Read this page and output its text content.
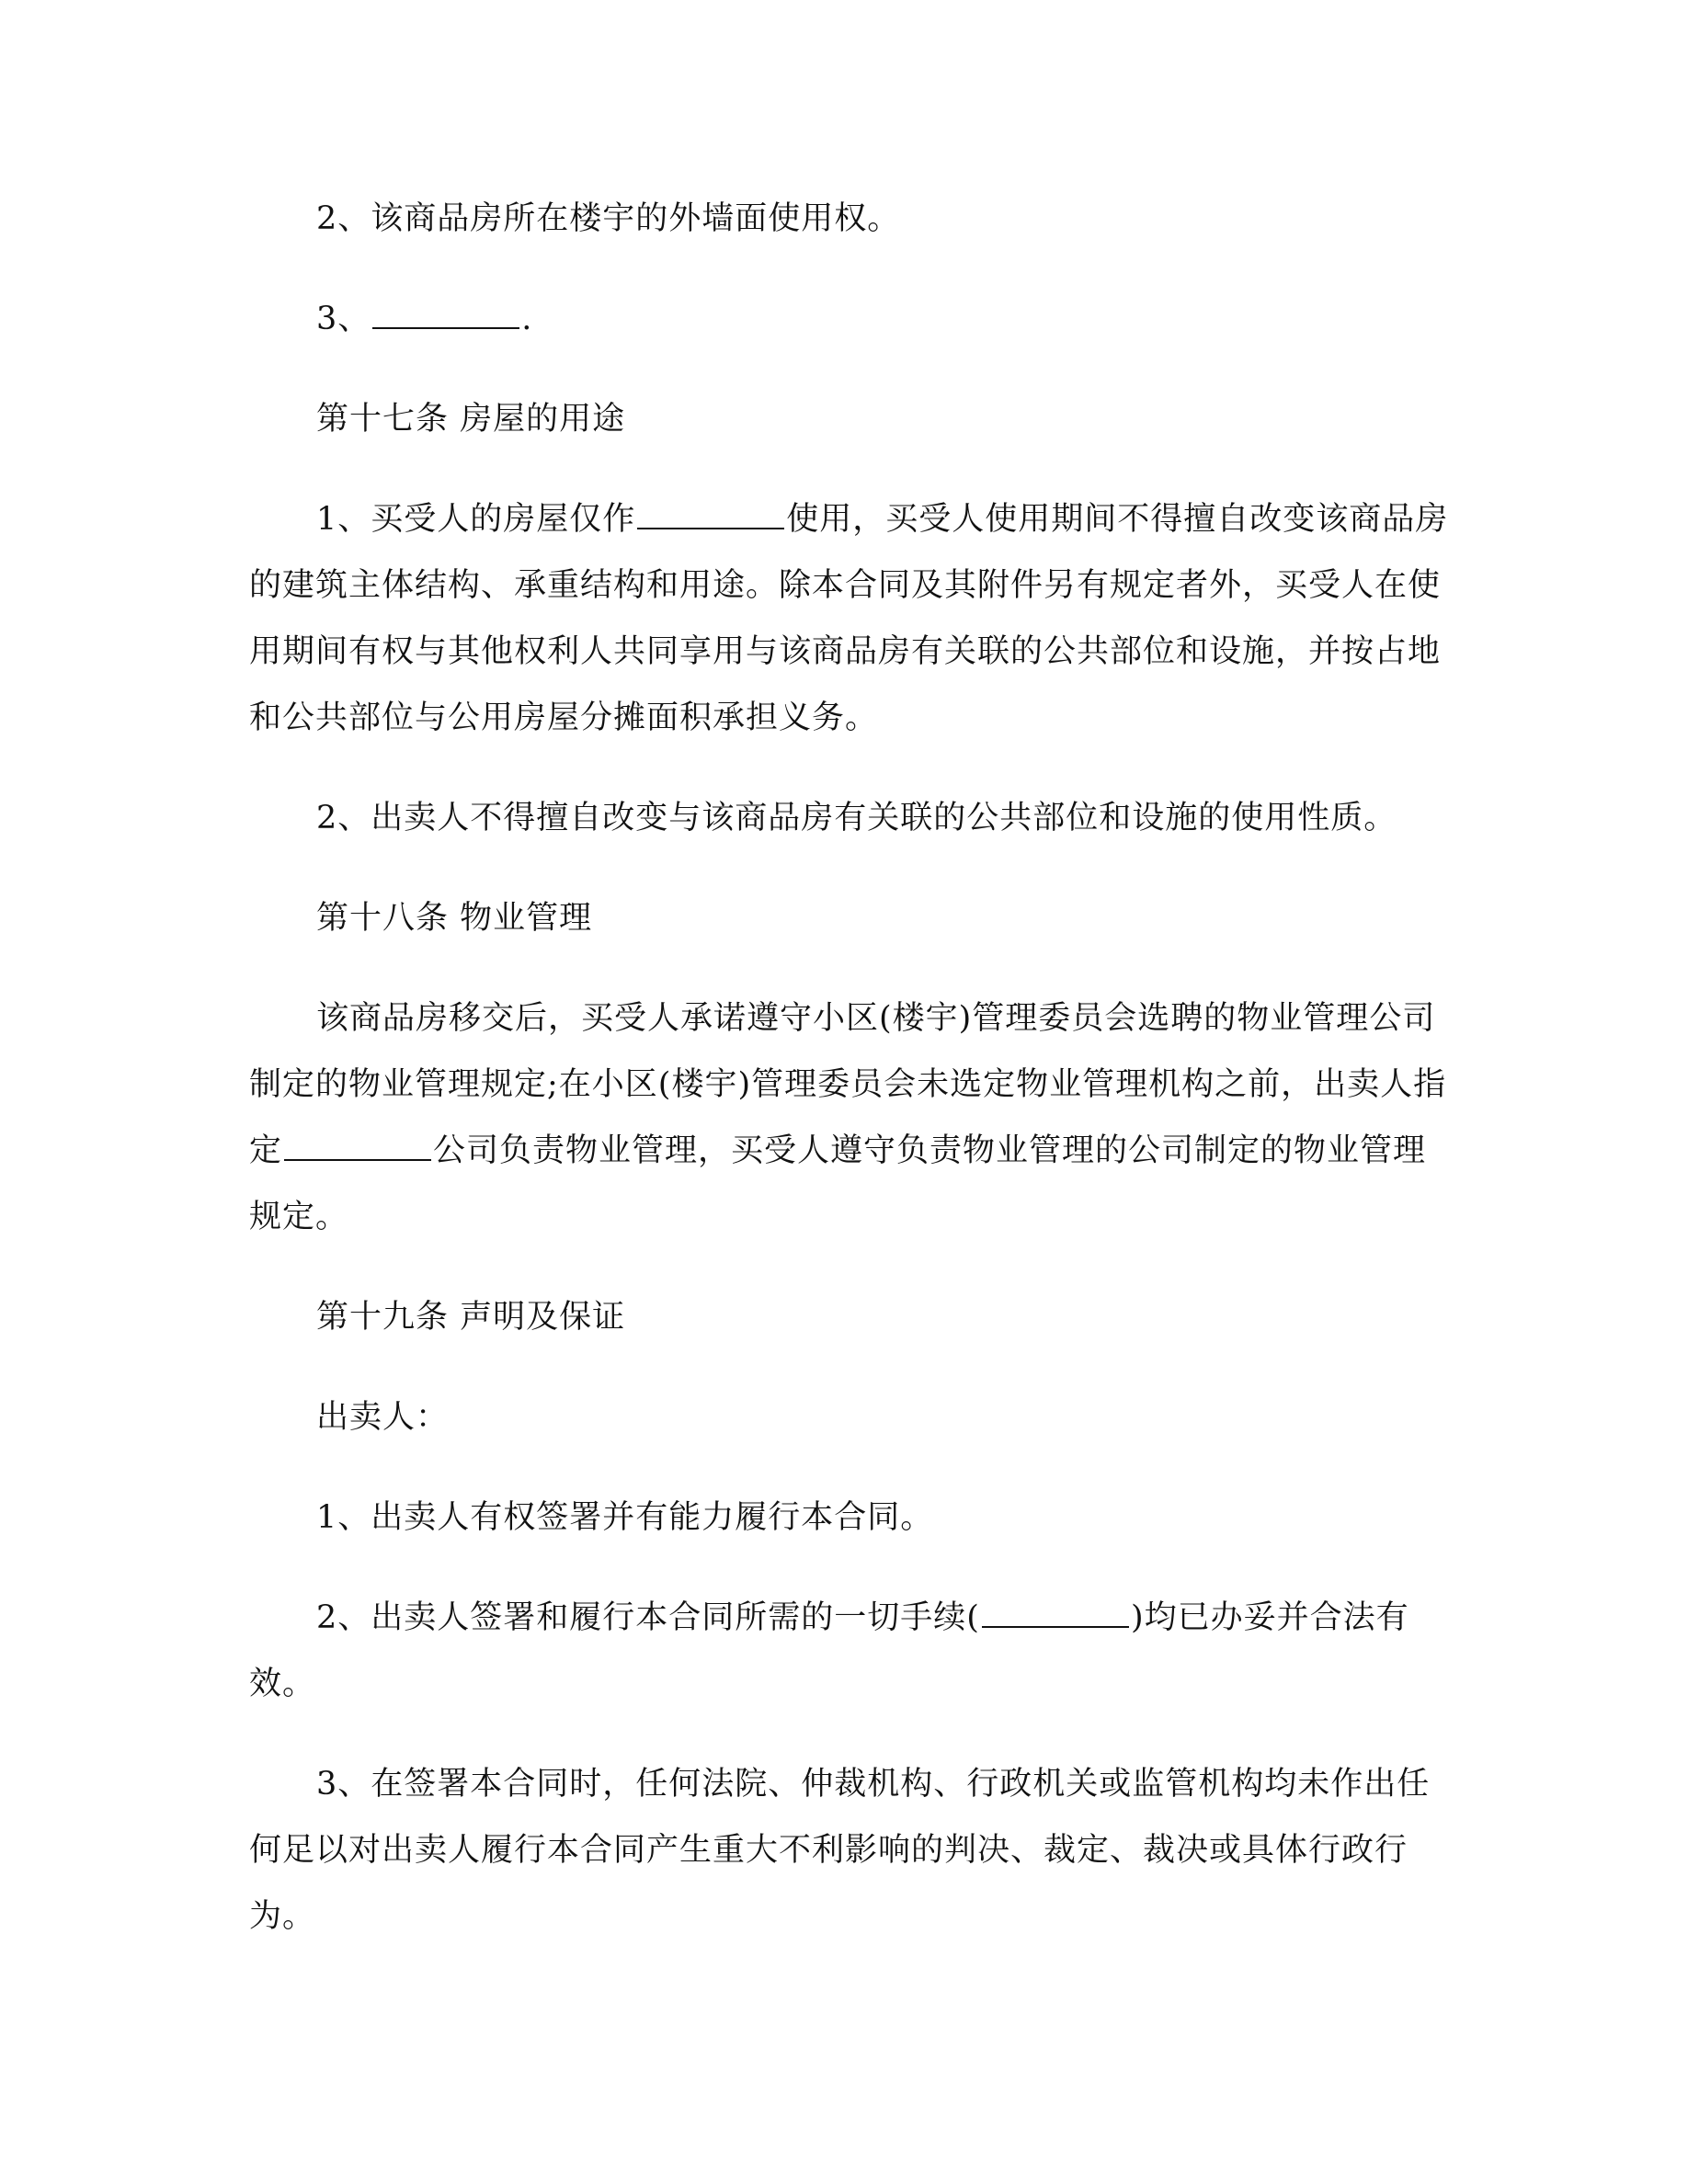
2、该商品房所在楼宇的外墙面使用权。
3、	.
第十七条 房屋的用途
1、买受人的房屋仅作	使用，买受人使用期间不得擅自改变该商品房
的建筑主体结构、承重结构和用途。除本合同及其附件另有规定者外，买受人在使
用期间有权与其他权利人共同享用与该商品房有关联的公共部位和设施，并按占地
和公共部位与公用房屋分摊面积承担义务。
2、出卖人不得擅自改变与该商品房有关联的公共部位和设施的使用性质。
第十八条 物业管理
该商品房移交后，买受人承诺遵守小区(楼宇)管理委员会选聘的物业管理公司
制定的物业管理规定;在小区(楼宇)管理委员会未选定物业管理机构之前，出卖人指
定	公司负责物业管理，买受人遵守负责物业管理的公司制定的物业管理
规定。
第十九条 声明及保证
出卖人：
1、出卖人有权签署并有能力履行本合同。
2、出卖人签署和履行本合同所需的一切手续(	)均已办妥并合法有
效。
3、在签署本合同时，任何法院、仲裁机构、行政机关或监管机构均未作出任
何足以对出卖人履行本合同产生重大不利影响的判决、裁定、裁决或具体行政行
为。
